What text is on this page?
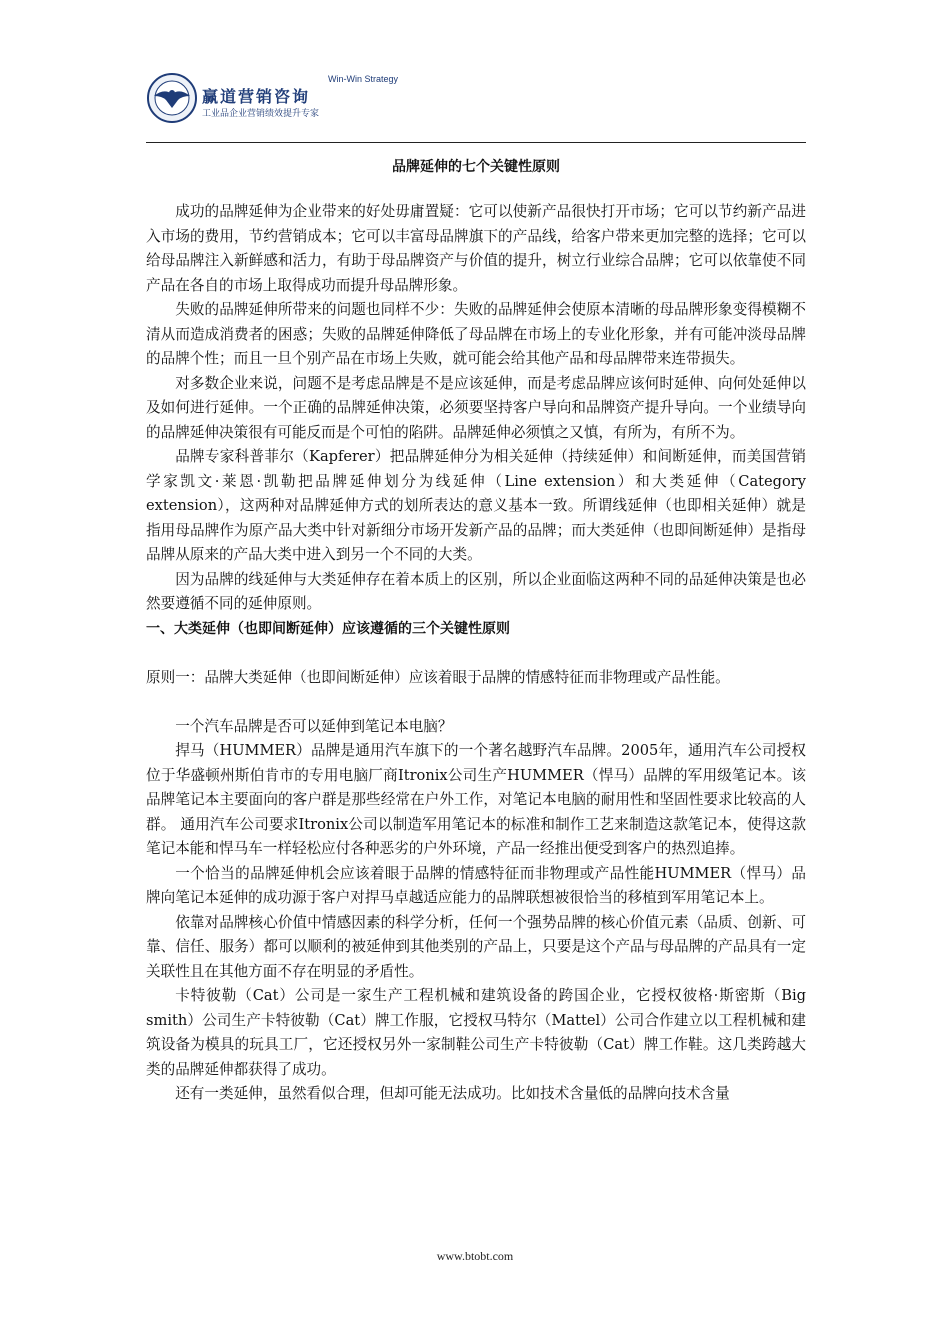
Win-Win Strategy
赢道营销咨询
工业品企业营销绩效提升专家
品牌延伸的七个关键性原则

成功的品牌延伸为企业带来的好处毋庸置疑：它可以使新产品很快打开市场；它可以节约新产品进入市场的费用，节约营销成本；它可以丰富母品牌旗下的产品线，给客户带来更加完整的选择；它可以给母品牌注入新鲜感和活力，有助于母品牌资产与价值的提升，树立行业综合品牌；它可以依靠使不同产品在各自的市场上取得成功而提升母品牌形象。

失败的品牌延伸所带来的问题也同样不少：失败的品牌延伸会使原本清晰的母品牌形象变得模糊不清从而造成消费者的困惑；失败的品牌延伸降低了母品牌在市场上的专业化形象，并有可能冲淡母品牌的品牌个性；而且一旦个别产品在市场上失败，就可能会给其他产品和母品牌带来连带损失。

对多数企业来说，问题不是考虑品牌是不是应该延伸，而是考虑品牌应该何时延伸、向何处延伸以及如何进行延伸。一个正确的品牌延伸决策，必须要坚持客户导向和品牌资产提升导向。一个业绩导向的品牌延伸决策很有可能反而是个可怕的陷阱。品牌延伸必须慎之又慎，有所为，有所不为。

品牌专家科普菲尔（Kapferer）把品牌延伸分为相关延伸（持续延伸）和间断延伸，而美国营销学家凯文·莱恩·凯勒把品牌延伸划分为线延伸（Line extension）和大类延伸（Category extension），这两种对品牌延伸方式的划所表达的意义基本一致。所谓线延伸（也即相关延伸）就是指用母品牌作为原产品大类中针对新细分市场开发新产品的品牌；而大类延伸（也即间断延伸）是指母品牌从原来的产品大类中进入到另一个不同的大类。

因为品牌的线延伸与大类延伸存在着本质上的区别，所以企业面临这两种不同的品延伸决策是也必然要遵循不同的延伸原则。

一、大类延伸（也即间断延伸）应该遵循的三个关键性原则

原则一：品牌大类延伸（也即间断延伸）应该着眼于品牌的情感特征而非物理或产品性能。

一个汽车品牌是否可以延伸到笔记本电脑？

捍马（HUMMER）品牌是通用汽车旗下的一个著名越野汽车品牌。2005年，通用汽车公司授权位于华盛顿州斯伯肯市的专用电脑厂商Itronix公司生产HUMMER（悍马）品牌的军用级笔记本。该品牌笔记本主要面向的客户群是那些经常在户外工作，对笔记本电脑的耐用性和坚固性要求比较高的人群。 通用汽车公司要求Itronix公司以制造军用笔记本的标准和制作工艺来制造这款笔记本，使得这款笔记本能和悍马车一样轻松应付各种恶劣的户外环境，产品一经推出便受到客户的热烈追捧。

一个恰当的品牌延伸机会应该着眼于品牌的情感特征而非物理或产品性能HUMMER（悍马）品牌向笔记本延伸的成功源于客户对捍马卓越适应能力的品牌联想被很恰当的移植到军用笔记本上。

依靠对品牌核心价值中情感因素的科学分析，任何一个强势品牌的核心价值元素（品质、创新、可靠、信任、服务）都可以顺利的被延伸到其他类别的产品上，只要是这个产品与母品牌的产品具有一定关联性且在其他方面不存在明显的矛盾性。

卡特彼勒（Cat）公司是一家生产工程机械和建筑设备的跨国企业，它授权彼格·斯密斯（Big smith）公司生产卡特彼勒（Cat）牌工作服，它授权马特尔（Mattel）公司合作建立以工程机械和建筑设备为模具的玩具工厂，它还授权另外一家制鞋公司生产卡特彼勒（Cat）牌工作鞋。这几类跨越大类的品牌延伸都获得了成功。

还有一类延伸，虽然看似合理，但却可能无法成功。比如技术含量低的品牌向技术含量

www.btobt.com
